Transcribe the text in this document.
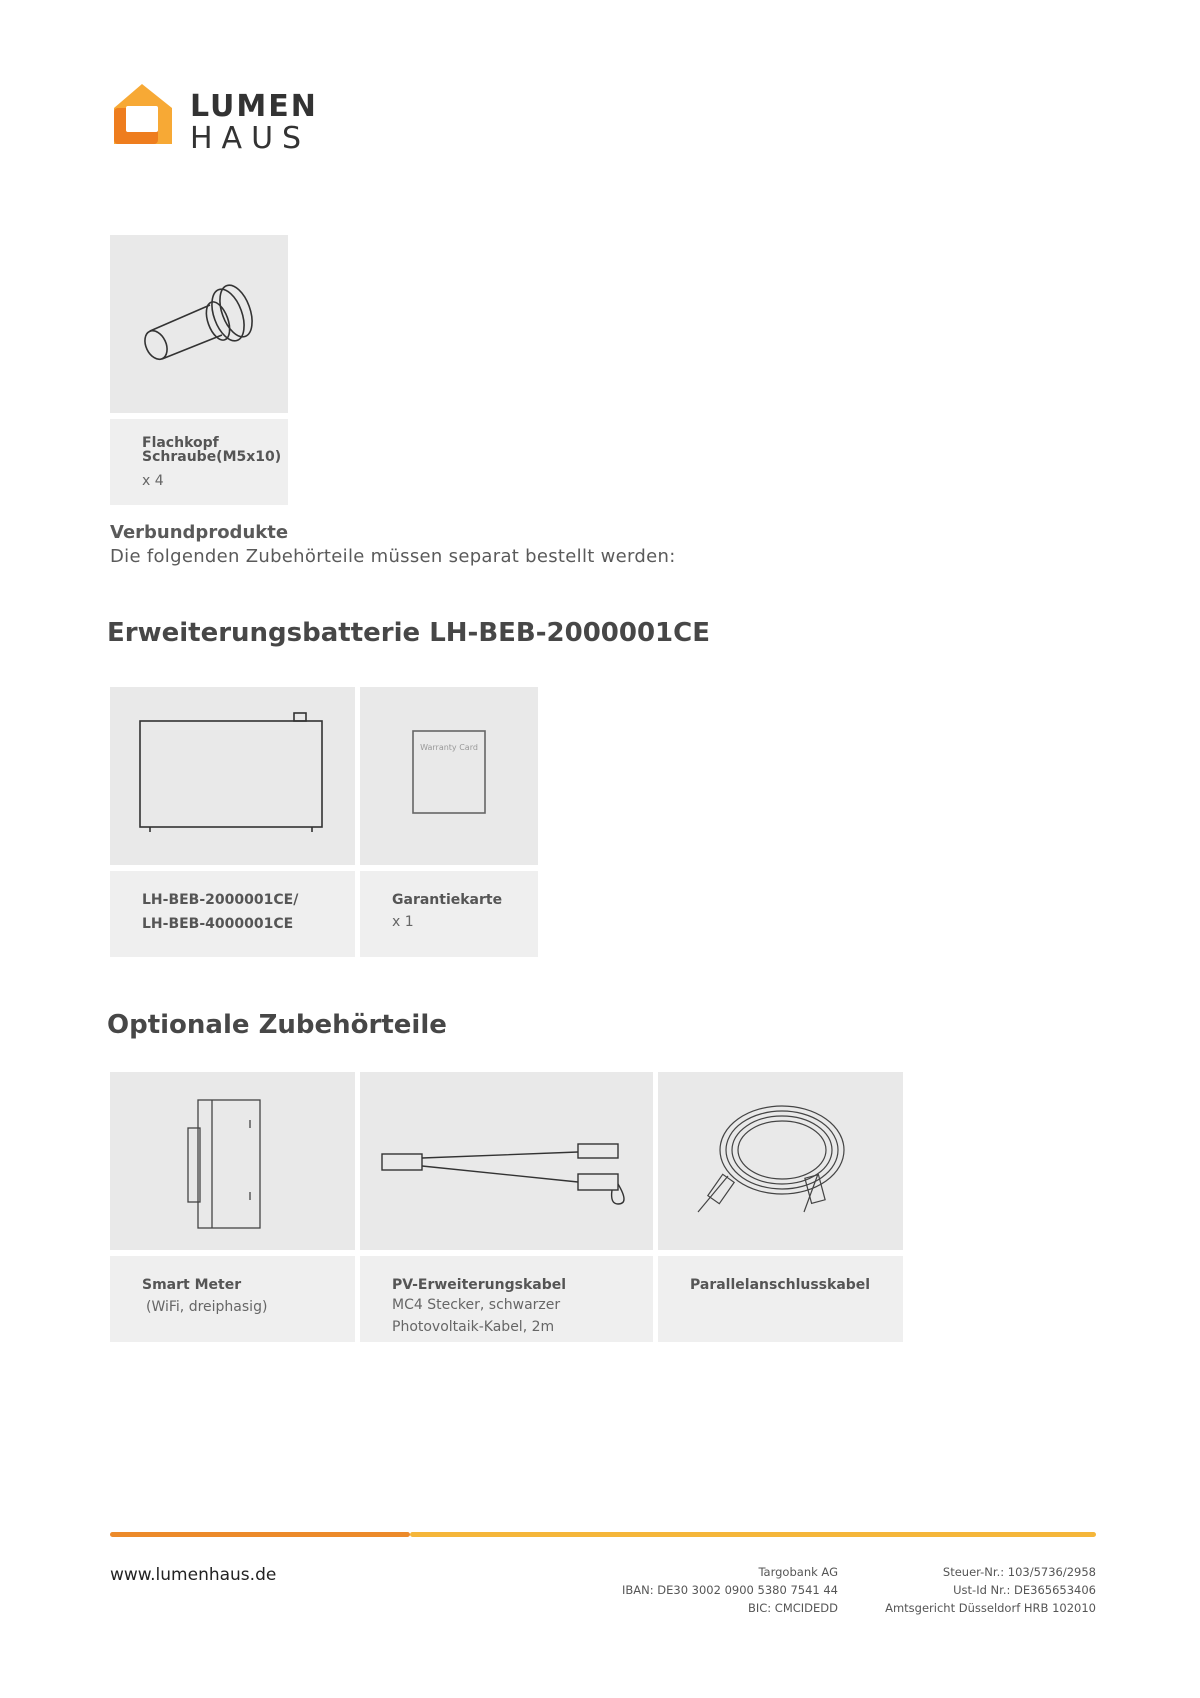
LUMEN
HAUS
Flachkopf
Schraube(M5x10)
x 4
Verbundprodukte
Die folgenden Zubehörteile müssen separat bestellt werden:
Erweiterungsbatterie LH-BEB-2000001CE
Warranty Card
LH-BEB-2000001CE/
LH-BEB-4000001CE
Garantiekarte
x 1
Optionale Zubehörteile
Smart Meter
(WiFi, dreiphasig)
PV-Erweiterungskabel
MC4 Stecker, schwarzer
Photovoltaik-Kabel, 2m
Parallelanschlusskabel
www.lumenhaus.de	Targobank AG
IBAN: DE30 3002 0900 5380 7541 44
BIC: CMCIDEDD
Steuer-Nr.: 103/5736/2958
Ust-Id Nr.: DE365653406
Amtsgericht Düsseldorf HRB 102010
